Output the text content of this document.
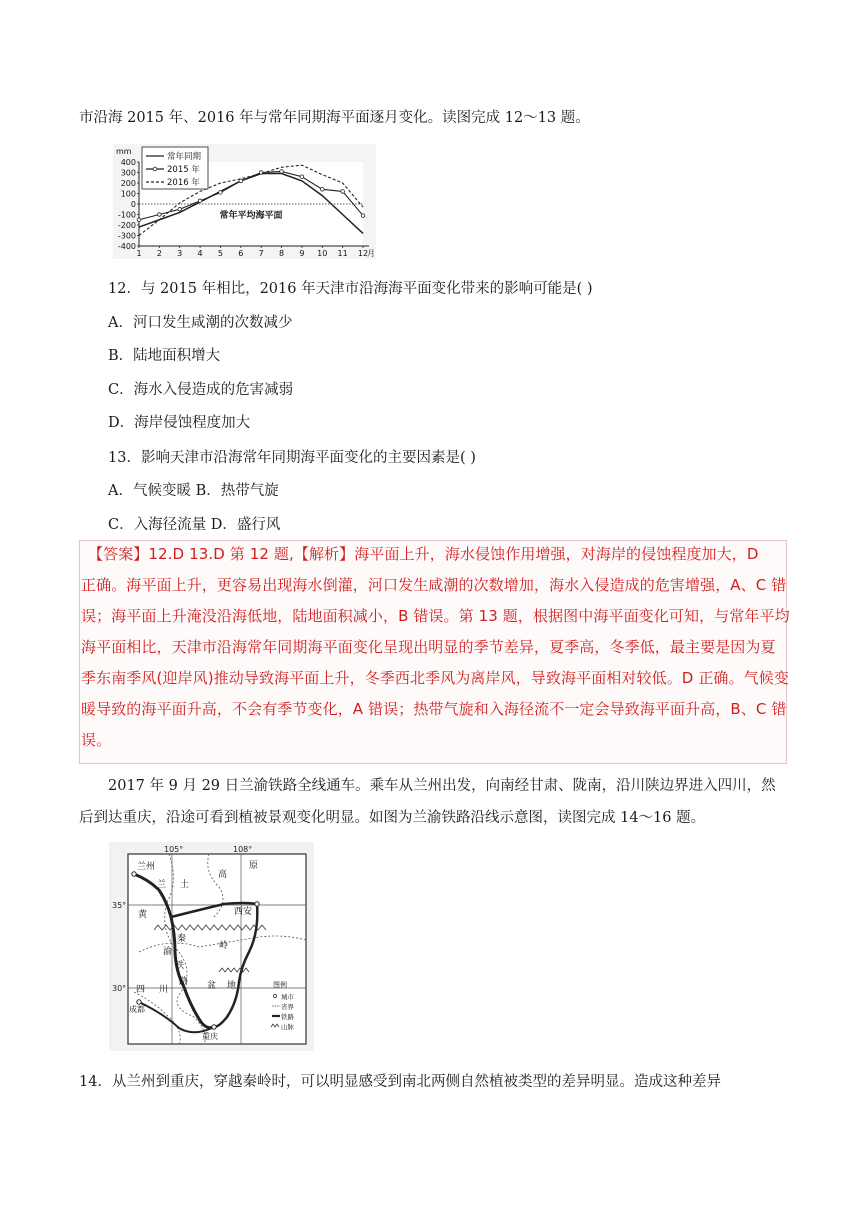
市沿海 2015 年、2016 年与常年同期海平面逐月变化。读图完成 12～13 题。
400
300
200
100
0
-100
-200
-300
-400
mm
1 2 3 4 5 6 7 8 9 10 11 12
月
常年平均海平面
常年同期
2015 年
2016 年
12．与 2015 年相比，2016 年天津市沿海海平面变化带来的影响可能是( )
A．河口发生咸潮的次数减少
B．陆地面积增大
C．海水入侵造成的危害减弱
D．海岸侵蚀程度加大
13．影响天津市沿海常年同期海平面变化的主要因素是( )
A．气候变暖 B．热带气旋
C．入海径流量 D．盛行风
【答案】12.D 13.D 第 12 题,【解析】海平面上升，海水侵蚀作用增强，对海岸的侵蚀程度加大，D
正确。海平面上升，更容易出现海水倒灌，河口发生咸潮的次数增加，海水入侵造成的危害增强，A、C 错
误；海平面上升淹没沿海低地，陆地面积减小，B 错误。第 13 题，根据图中海平面变化可知，与常年平均
海平面相比，天津市沿海常年同期海平面变化呈现出明显的季节差异，夏季高，冬季低，最主要是因为夏
季东南季风(迎岸风)推动导致海平面上升，冬季西北季风为离岸风，导致海平面相对较低。D 正确。气候变
暖导致的海平面升高，不会有季节变化，A 错误；热带气旋和入海径流不一定会导致海平面升高，B、C 错
误。
2017 年 9 月 29 日兰渝铁路全线通车。乘车从兰州出发，向南经甘肃、陇南，沿川陕边界进入四川，然
后到达重庆，沿途可看到植被景观变化明显。如图为兰渝铁路沿线示意图，读图完成 14～16 题。
35°
30°
105°	108°
兰州
兰 土
高
原
黄	西安
秦
岭
渝
铁
路
四 川	盆 地
成都
重庆
图例
城市
省界
铁路
山脉
14．从兰州到重庆，穿越秦岭时，可以明显感受到南北两侧自然植被类型的差异明显。造成这种差异
